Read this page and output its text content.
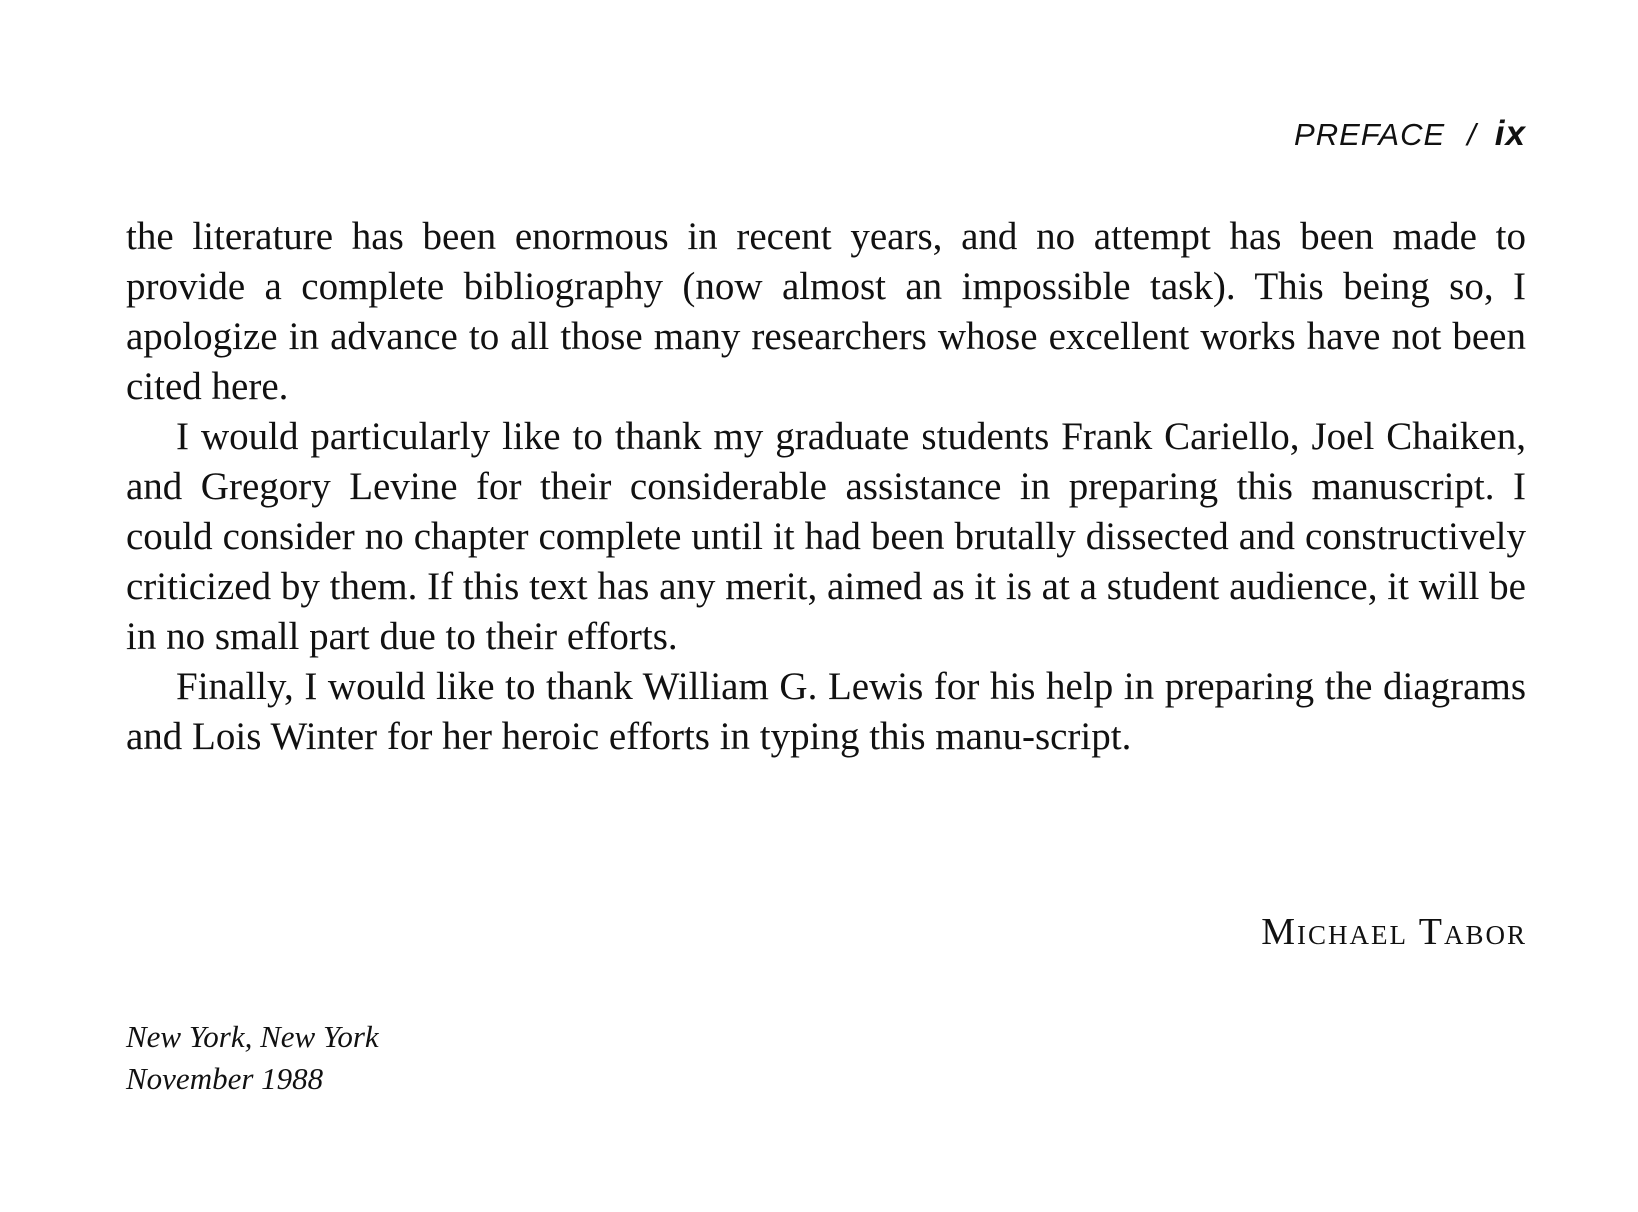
PREFACE / ix

the literature has been enormous in recent years, and no attempt has been made to provide a complete bibliography (now almost an impossible task). This being so, I apologize in advance to all those many researchers whose excellent works have not been cited here.

I would particularly like to thank my graduate students Frank Cariello, Joel Chaiken, and Gregory Levine for their considerable assistance in preparing this manuscript. I could consider no chapter complete until it had been brutally dissected and constructively criticized by them. If this text has any merit, aimed as it is at a student audience, it will be in no small part due to their efforts.

Finally, I would like to thank William G. Lewis for his help in preparing the diagrams and Lois Winter for her heroic efforts in typing this manu-script.

Michael Tabor
New York, New York
November 1988
